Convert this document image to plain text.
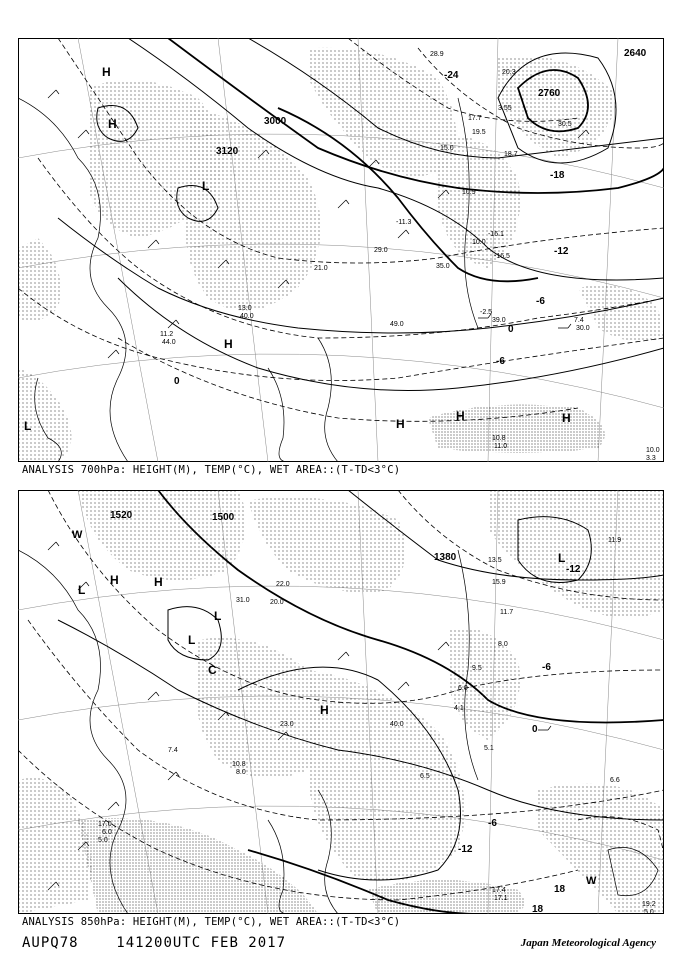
3000
3120
2760
2640
-24
-18
-12
-6
0
-6
0
H
H
L
H
H
H	H
L
28.9
20.3
3.55
30.5
17.7
19.5
18.7
15.0
10.9
-16.1
10.0
-16.5
-11.3
35.0
29.0
-2.5
39.0	7.4
30.0
11.2
44.0
10.8
11.0
10.0
3.3
13.0
40.0
21.0
49.0
ANALYSIS 700hPa: HEIGHT(M), TEMP(°C), WET AREA::(T-TD<3°C)
1500
1520
1380
-12
-6
0
-6
-12
18
18
H	H
L
L
C
H
L
W
W
L
22.0
11.9
13.5
15.9
11.7
8.0
9.5
17.0
6.0
5.0
40.0
7.4	5.1
17.4
17.1
19.2
5.0
6.6
20.0
31.0
10.8
8.0
6.5
23.0
6.0
4.1
ANALYSIS 850hPa: HEIGHT(M), TEMP(°C), WET AREA::(T-TD<3°C)
AUPQ78	141200UTC FEB 2017	Japan Meteorological Agency
